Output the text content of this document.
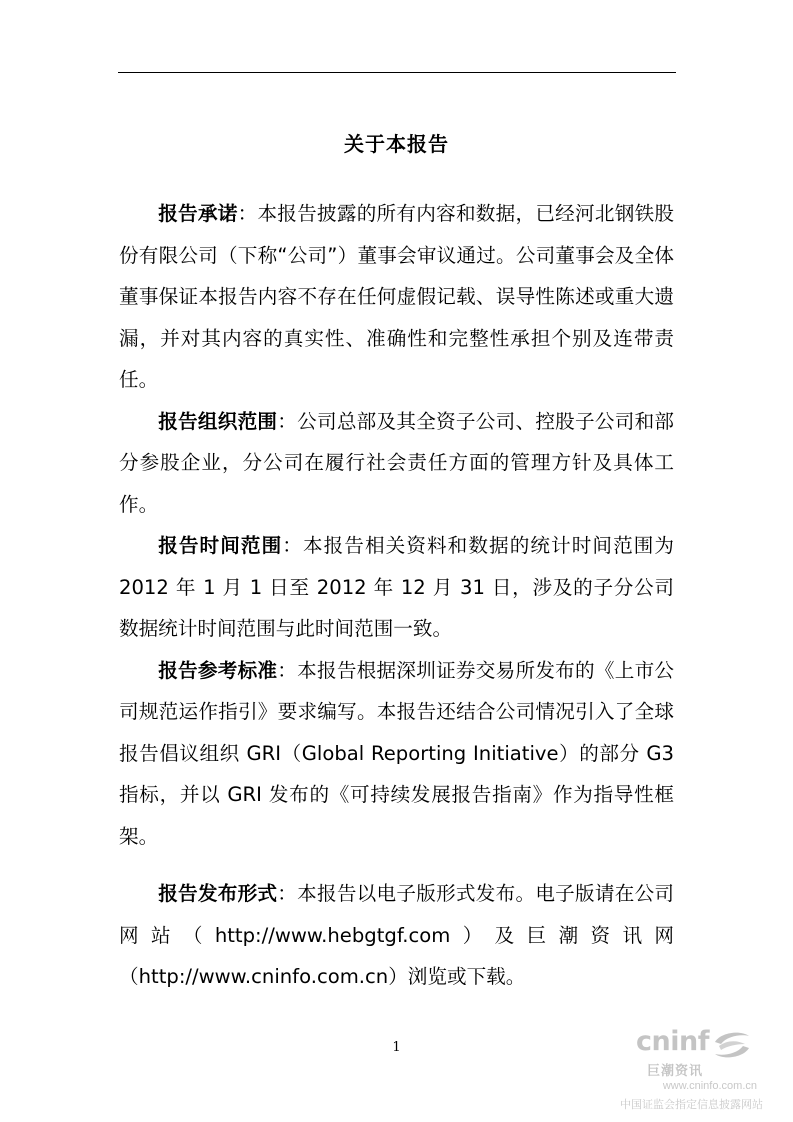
关于本报告

报告承诺：本报告披露的所有内容和数据，已经河北钢铁股份有限公司（下称“公司”）董事会审议通过。公司董事会及全体董事保证本报告内容不存在任何虚假记载、误导性陈述或重大遗漏，并对其内容的真实性、准确性和完整性承担个别及连带责任。

报告组织范围：公司总部及其全资子公司、控股子公司和部分参股企业，分公司在履行社会责任方面的管理方针及具体工作。

报告时间范围：本报告相关资料和数据的统计时间范围为 2012 年 1 月 1 日至 2012 年 12 月 31 日，涉及的子分公司数据统计时间范围与此时间范围一致。

报告参考标准：本报告根据深圳证券交易所发布的《上市公司规范运作指引》要求编写。本报告还结合公司情况引入了全球报告倡议组织 GRI（Global Reporting Initiative）的部分 G3 指标，并以 GRI 发布的《可持续发展报告指南》作为指导性框架。

报告发布形式：本报告以电子版形式发布。电子版请在公司网站（http://www.hebgtgf.com）及巨潮资讯网（http://www.cninfo.com.cn）浏览或下载。

1	cninf
巨潮资讯
www.cninfo.com.cn
中国证监会指定信息披露网站
